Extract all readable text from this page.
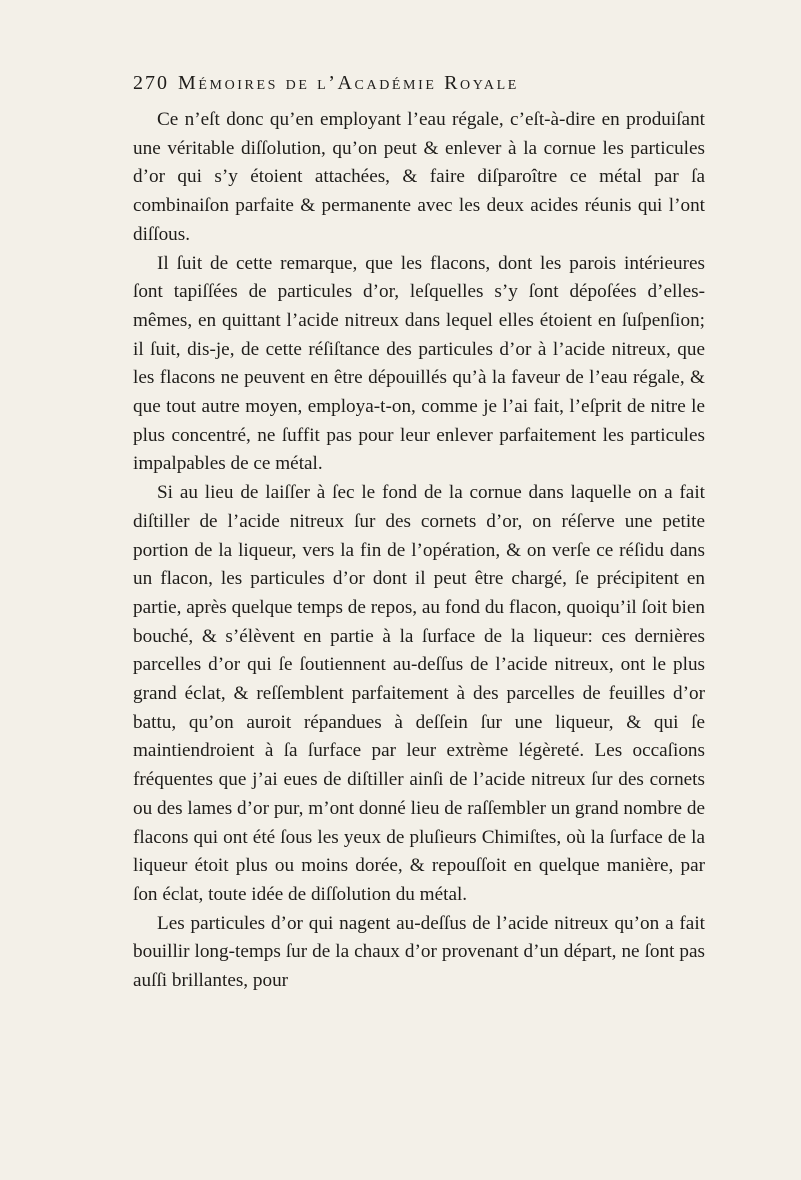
270 Mémoires de l’Académie Royale

Ce n’eſt donc qu’en employant l’eau régale, c’eſt-à-dire en produiſant une véritable diſſolution, qu’on peut & enlever à la cornue les particules d’or qui s’y étoient attachées, & faire diſparoître ce métal par ſa combinaiſon parfaite & permanente avec les deux acides réunis qui l’ont diſſous.

Il ſuit de cette remarque, que les flacons, dont les parois intérieures ſont tapiſſées de particules d’or, leſquelles s’y ſont dépoſées d’elles-mêmes, en quittant l’acide nitreux dans lequel elles étoient en ſuſpenſion; il ſuit, dis-je, de cette réſiſtance des particules d’or à l’acide nitreux, que les flacons ne peuvent en être dépouillés qu’à la faveur de l’eau régale, & que tout autre moyen, employa-t-on, comme je l’ai fait, l’eſprit de nitre le plus concentré, ne ſuffit pas pour leur enlever parfaitement les particules impalpables de ce métal.

Si au lieu de laiſſer à ſec le fond de la cornue dans laquelle on a fait diſtiller de l’acide nitreux ſur des cornets d’or, on réſerve une petite portion de la liqueur, vers la fin de l’opération, & on verſe ce réſidu dans un flacon, les particules d’or dont il peut être chargé, ſe précipitent en partie, après quelque temps de repos, au fond du flacon, quoiqu’il ſoit bien bouché, & s’élèvent en partie à la ſurface de la liqueur: ces dernières parcelles d’or qui ſe ſoutiennent au-deſſus de l’acide nitreux, ont le plus grand éclat, & reſſemblent parfaitement à des parcelles de feuilles d’or battu, qu’on auroit répandues à deſſein ſur une liqueur, & qui ſe maintiendroient à ſa ſurface par leur extrème légèreté. Les occaſions fréquentes que j’ai eues de diſtiller ainſi de l’acide nitreux ſur des cornets ou des lames d’or pur, m’ont donné lieu de raſſembler un grand nombre de flacons qui ont été ſous les yeux de pluſieurs Chimiſtes, où la ſurface de la liqueur étoit plus ou moins dorée, & repouſſoit en quelque manière, par ſon éclat, toute idée de diſſolution du métal.

Les particules d’or qui nagent au-deſſus de l’acide nitreux qu’on a fait bouillir long-temps ſur de la chaux d’or provenant d’un départ, ne ſont pas auſſi brillantes, pour
